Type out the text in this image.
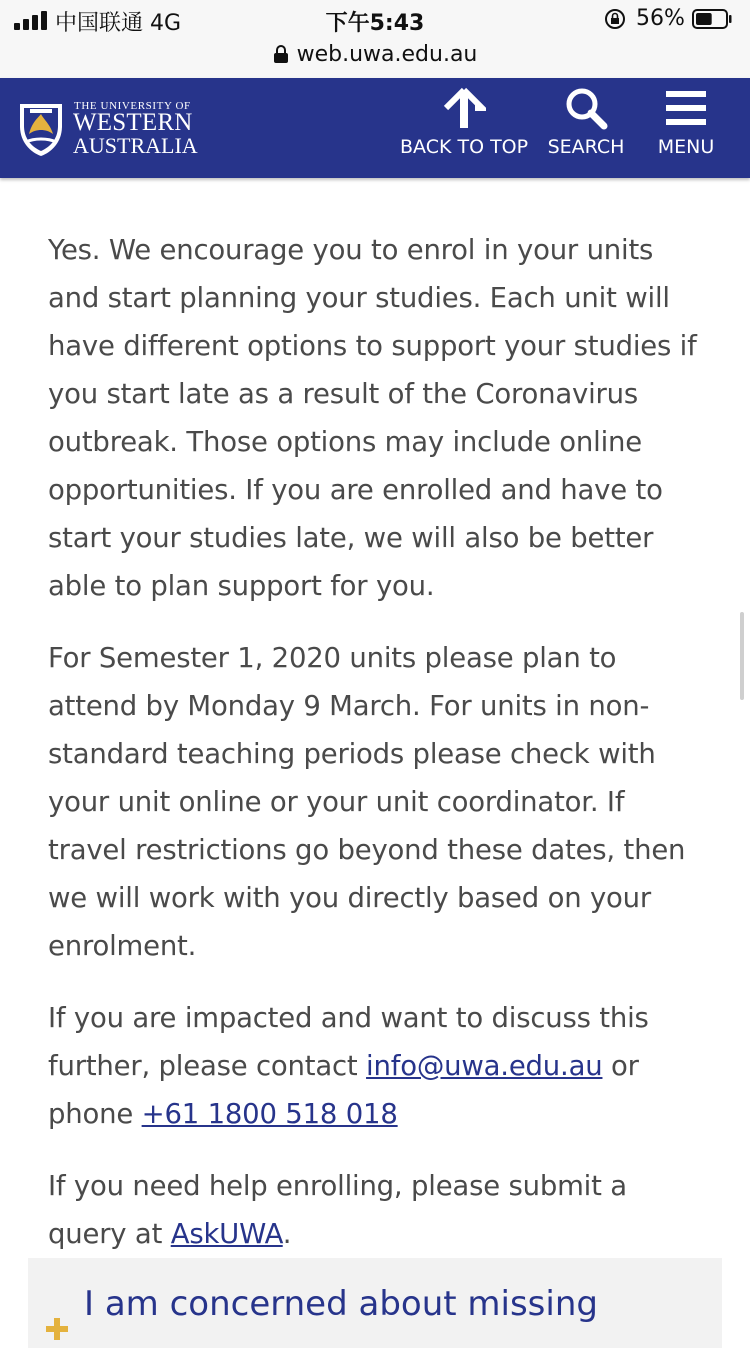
中国联通 4G	下午5:43	56%
web.uwa.edu.au
THE UNIVERSITY OF
WESTERN
AUSTRALIA	BACK TO TOP SEARCH MENU

Yes. We encourage you to enrol in your units and start planning your studies. Each unit will have different options to support your studies if you start late as a result of the Coronavirus outbreak. Those options may include online opportunities. If you are enrolled and have to start your studies late, we will also be better able to plan support for you.

For Semester 1, 2020 units please plan to attend by Monday 9 March. For units in non-standard teaching periods please check with your unit online or your unit coordinator. If travel restrictions go beyond these dates, then we will work with you directly based on your enrolment.

If you are impacted and want to discuss this further, please contact info@uwa.edu.au or phone +61 1800 518 018

If you need help enrolling, please submit a query at AskUWA.

I am concerned about missing
